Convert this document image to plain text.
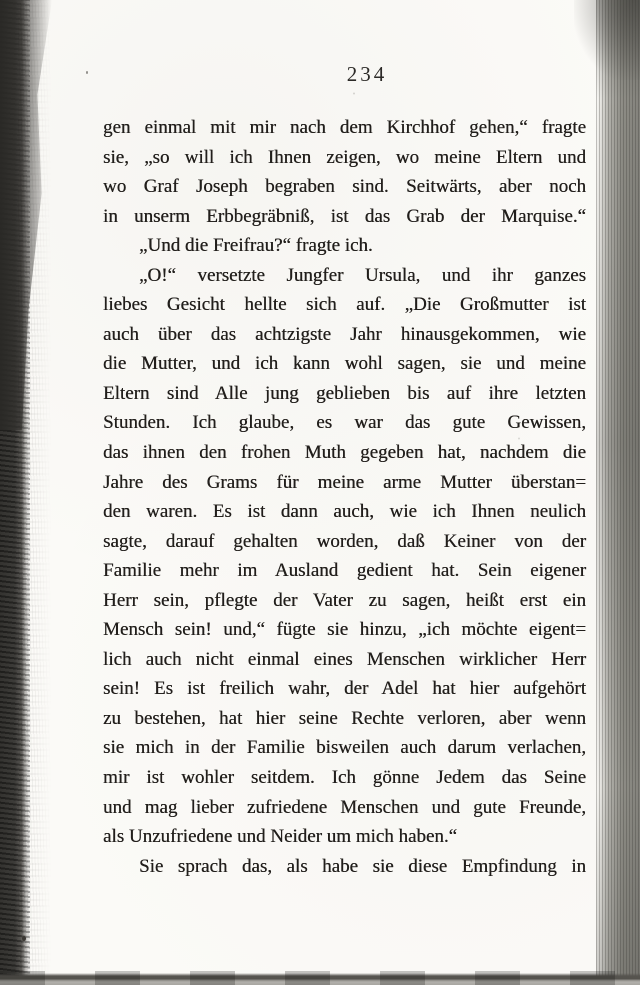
234
gen einmal mit mir nach dem Kirchhof gehen,“ fragte
sie, „so will ich Ihnen zeigen, wo meine Eltern und
wo Graf Joseph begraben sind. Seitwärts, aber noch
in unserm Erbbegräbniß, ist das Grab der Marquise.“
„Und die Freifrau?“ fragte ich.
„O!“ versetzte Jungfer Ursula, und ihr ganzes
liebes Gesicht hellte sich auf. „Die Großmutter ist
auch über das achtzigste Jahr hinausgekommen, wie
die Mutter, und ich kann wohl sagen, sie und meine
Eltern sind Alle jung geblieben bis auf ihre letzten
Stunden. Ich glaube, es war das gute Gewissen,
das ihnen den frohen Muth gegeben hat, nachdem die
Jahre des Grams für meine arme Mutter überstan=
den waren. Es ist dann auch, wie ich Ihnen neulich
sagte, darauf gehalten worden, daß Keiner von der
Familie mehr im Ausland gedient hat. Sein eigener
Herr sein, pflegte der Vater zu sagen, heißt erst ein
Mensch sein! und,“ fügte sie hinzu, „ich möchte eigent=
lich auch nicht einmal eines Menschen wirklicher Herr
sein! Es ist freilich wahr, der Adel hat hier aufgehört
zu bestehen, hat hier seine Rechte verloren, aber wenn
sie mich in der Familie bisweilen auch darum verlachen,
mir ist wohler seitdem. Ich gönne Jedem das Seine
und mag lieber zufriedene Menschen und gute Freunde,
als Unzufriedene und Neider um mich haben.“
Sie sprach das, als habe sie diese Empfindung in
